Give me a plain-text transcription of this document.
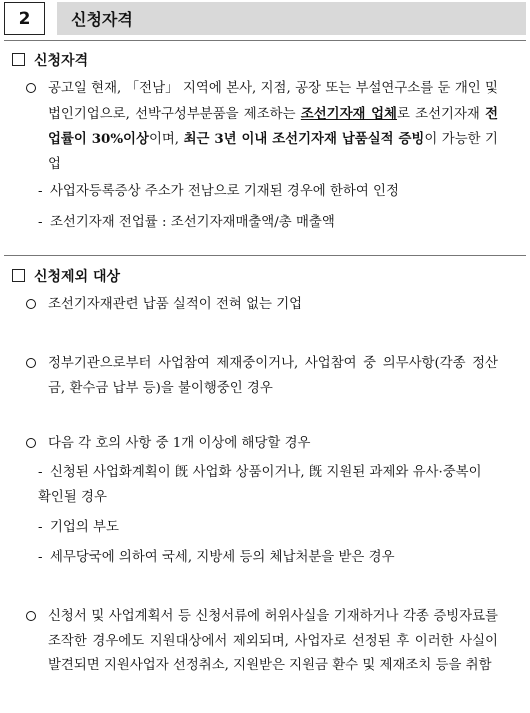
2	신청자격
신청자격
공고일 현재, 「전남」 지역에 본사, 지점, 공장 또는 부설연구소를 둔 개인 및 법인기업으로, 선박구성부분품을 제조하는 조선기자재 업체로 조선기자재 전업률이 30%이상이며, 최근 3년 이내 조선기자재 납품실적 증빙이 가능한 기업
- 사업자등록증상 주소가 전남으로 기재된 경우에 한하여 인정
- 조선기자재 전업률 : 조선기자재매출액/총 매출액
신청제외 대상
조선기자재관련 납품 실적이 전혀 없는 기업
정부기관으로부터 사업참여 제재중이거나, 사업참여 중 의무사항(각종 정산금, 환수금 납부 등)을 불이행중인 경우
다음 각 호의 사항 중 1개 이상에 해당할 경우
- 신청된 사업화계획이 旣 사업화 상품이거나, 旣 지원된 과제와 유사·중복이 확인될 경우
- 기업의 부도
- 세무당국에 의하여 국세, 지방세 등의 체납처분을 받은 경우
신청서 및 사업계획서 등 신청서류에 허위사실을 기재하거나 각종 증빙자료를 조작한 경우에도 지원대상에서 제외되며, 사업자로 선정된 후 이러한 사실이 발견되면 지원사업자 선정취소, 지원받은 지원금 환수 및 제재조치 등을 취함
